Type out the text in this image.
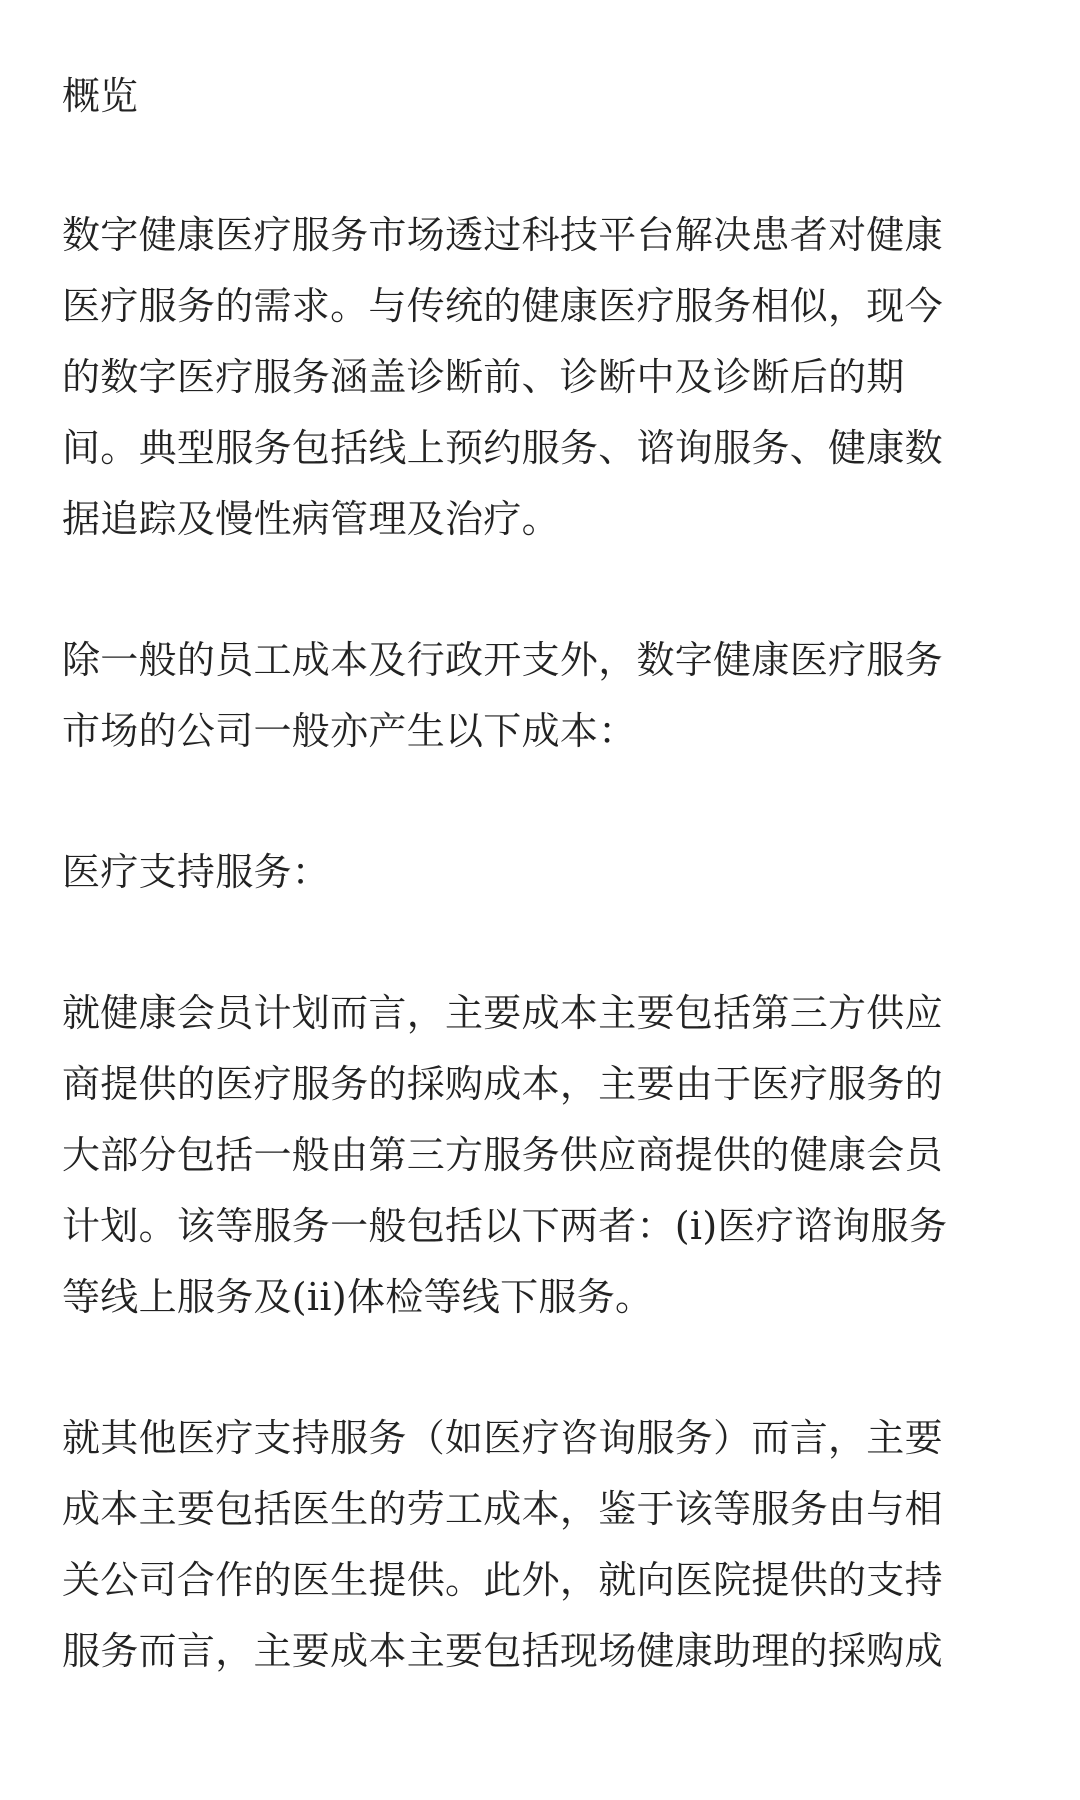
概览
数字健康医疗服务市场透过科技平台解决患者对健康
医疗服务的需求。与传统的健康医疗服务相似，现今
的数字医疗服务涵盖诊断前、诊断中及诊断后的期
间。典型服务包括线上预约服务、谘询服务、健康数
据追踪及慢性病管理及治疗。
除一般的员工成本及行政开支外，数字健康医疗服务
市场的公司一般亦产生以下成本：
医疗支持服务：
就健康会员计划而言，主要成本主要包括第三方供应
商提供的医疗服务的採购成本，主要由于医疗服务的
大部分包括一般由第三方服务供应商提供的健康会员
计划。该等服务一般包括以下两者：(i)医疗谘询服务
等线上服务及(ii)体检等线下服务。
就其他医疗支持服务（如医疗咨询服务）而言，主要
成本主要包括医生的劳工成本，鉴于该等服务由与相
关公司合作的医生提供。此外，就向医院提供的支持
服务而言，主要成本主要包括现场健康助理的採购成
